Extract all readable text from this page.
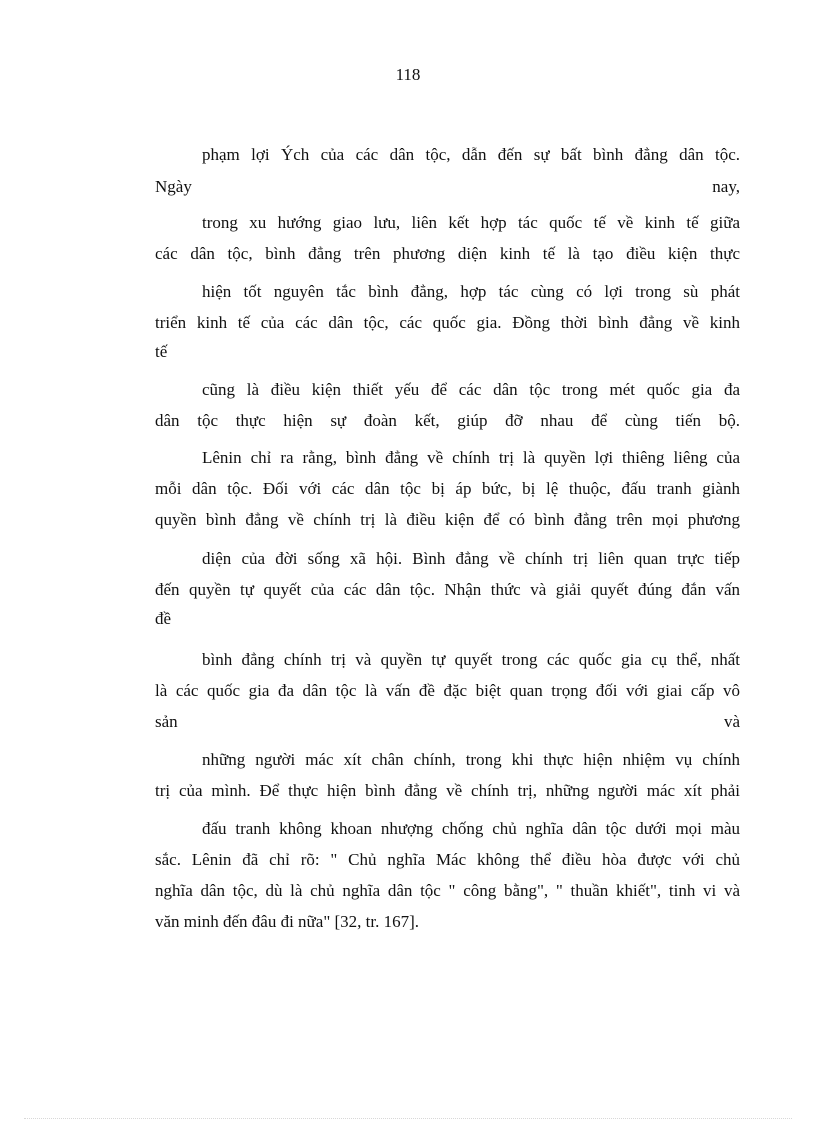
118
phạm lợi Ých của các dân tộc, dẫn đến sự bất bình đẳng dân tộc.
Ngày	nay,
trong xu hướng giao lưu, liên kết hợp tác quốc tế về kinh tế giữa
các dân tộc, bình đẳng trên phương diện kinh tế là tạo điều kiện thực
hiện tốt nguyên tắc bình đẳng, hợp tác cùng có lợi trong sù phát
triển kinh tế của các dân tộc, các quốc gia. Đồng thời bình đẳng về kinh
tế
cũng là điều kiện thiết yếu để các dân tộc trong mét quốc gia đa
dân tộc thực hiện sự đoàn kết, giúp đỡ nhau để cùng tiến bộ.
Lênin chỉ ra rằng, bình đẳng về chính trị là quyền lợi thiêng liêng của
mỗi dân tộc. Đối với các dân tộc bị áp bức, bị lệ thuộc, đấu tranh giành
quyền bình đẳng về chính trị là điều kiện để có bình đẳng trên mọi phương
diện của đời sống xã hội. Bình đẳng về chính trị liên quan trực tiếp
đến quyền tự quyết của các dân tộc. Nhận thức và giải quyết đúng đắn vấn
đề
bình đẳng chính trị và quyền tự quyết trong các quốc gia cụ thể, nhất
là các quốc gia đa dân tộc là vấn đề đặc biệt quan trọng đối với giai cấp vô
sản	và
những người mác xít chân chính, trong khi thực hiện nhiệm vụ chính
trị của mình. Để thực hiện bình đẳng về chính trị, những người mác xít phải
đấu tranh không khoan nhượng chống chủ nghĩa dân tộc dưới mọi màu
sắc. Lênin đã chỉ rõ: " Chủ nghĩa Mác không thể điều hòa được với chủ
nghĩa dân tộc, dù là chủ nghĩa dân tộc " công bằng", " thuần khiết", tinh vi và
văn minh đến đâu đi nữa" [32, tr. 167].
